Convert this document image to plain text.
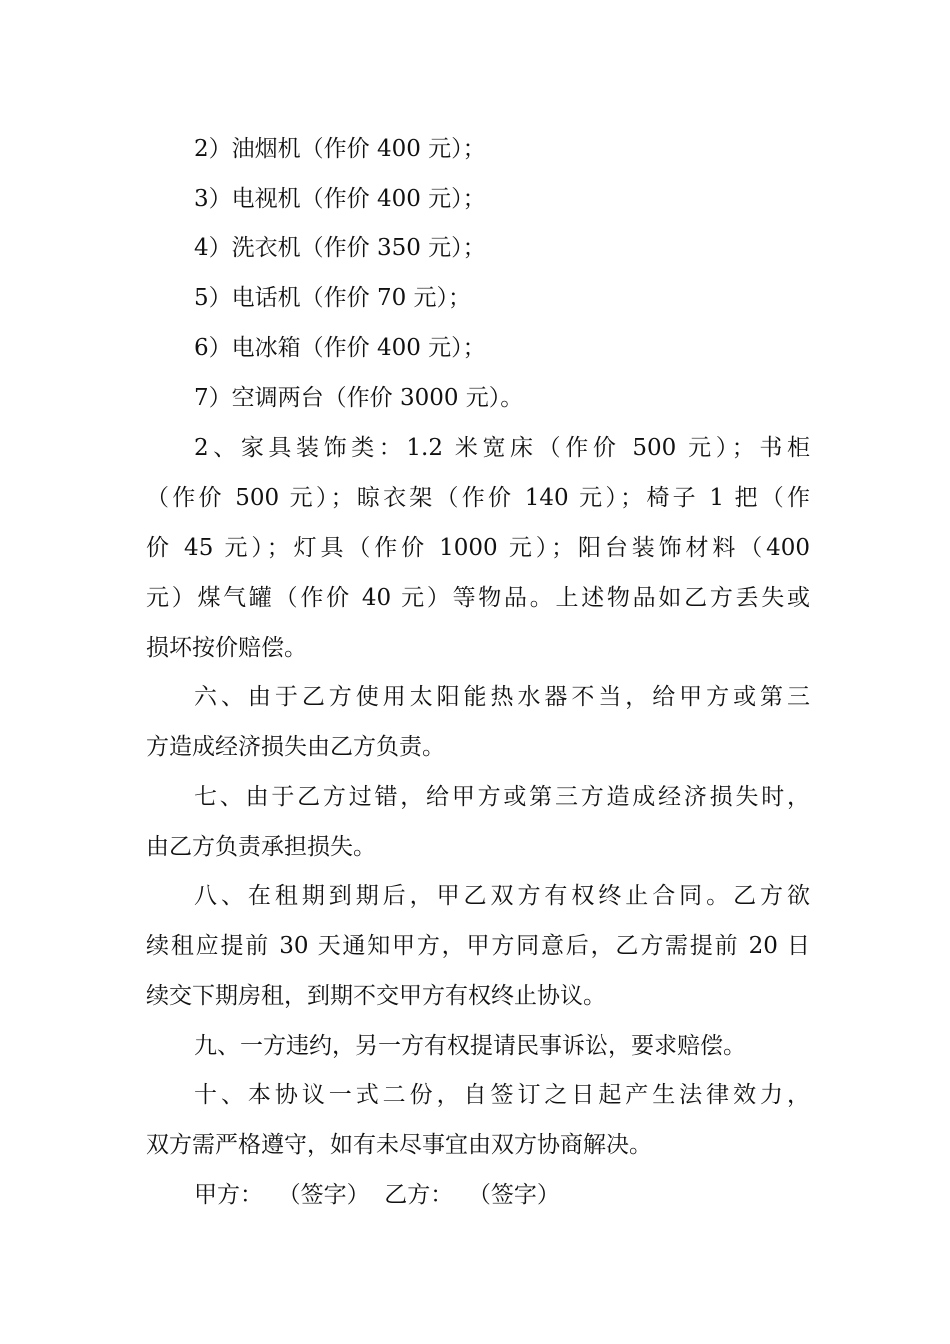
2）油烟机（作价 400 元）；
3）电视机（作价 400 元）；
4）洗衣机（作价 350 元）；
5）电话机（作价 70 元）；
6）电冰箱（作价 400 元）；
7）空调两台（作价 3000 元）。
2、家具装饰类：1.2 米宽床（作价 500 元）；书柜
（作价 500 元）；晾衣架（作价 140 元）；椅子 1 把（作
价 45 元）；灯具（作价 1000 元）；阳台装饰材料（400
元）煤气罐（作价 40 元）等物品。上述物品如乙方丢失或
损坏按价赔偿。
六、由于乙方使用太阳能热水器不当，给甲方或第三
方造成经济损失由乙方负责。
七、由于乙方过错，给甲方或第三方造成经济损失时，
由乙方负责承担损失。
八、在租期到期后，甲乙双方有权终止合同。乙方欲
续租应提前 30 天通知甲方，甲方同意后，乙方需提前 20 日
续交下期房租，到期不交甲方有权终止协议。
九、一方违约，另一方有权提请民事诉讼，要求赔偿。
十、本协议一式二份，自签订之日起产生法律效力，
双方需严格遵守，如有未尽事宜由双方协商解决。
甲方：  （签字）  乙方：  （签字）
